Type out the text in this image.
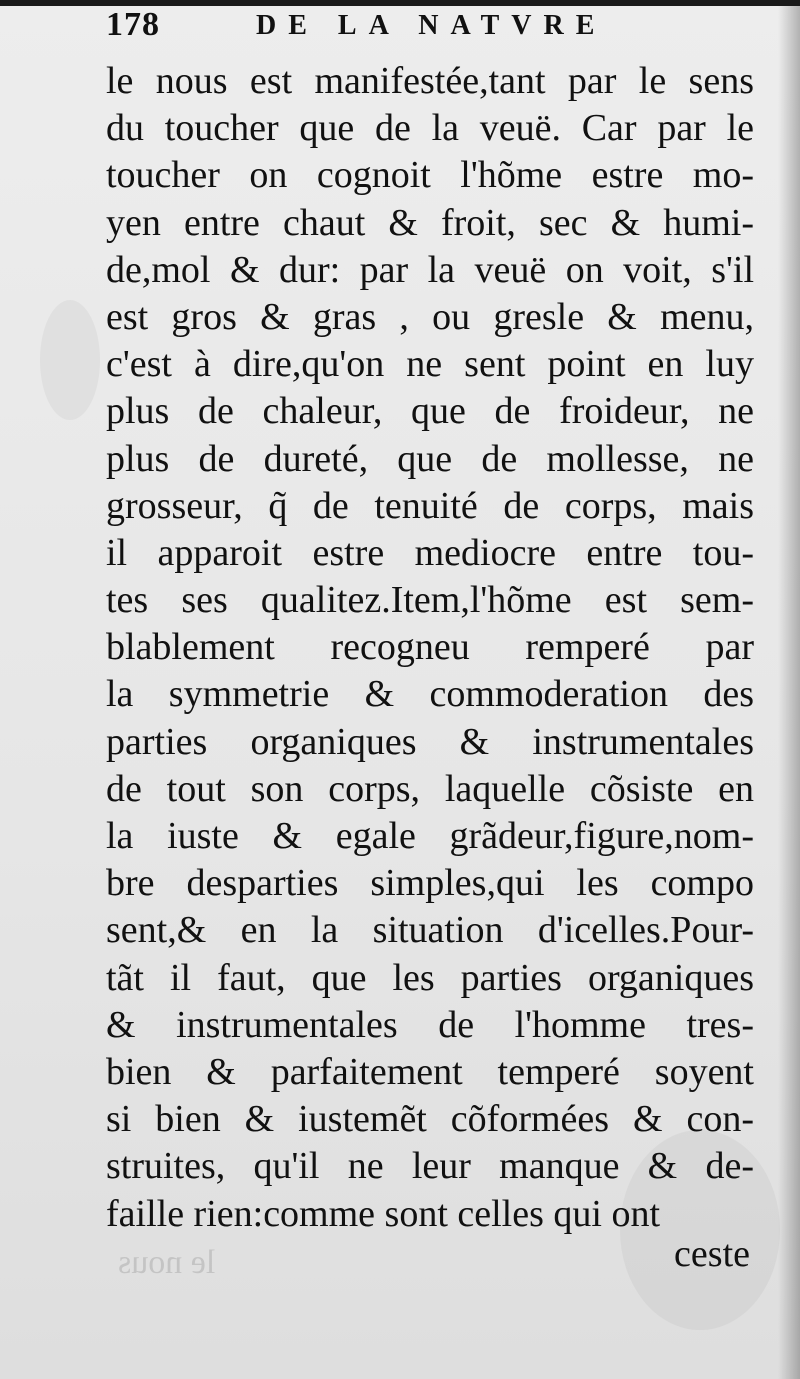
178	DE LA NATVRE
le nous est manifestée,tant par le sens
du toucher que de la veuë. Car par le
toucher on cognoit l'hõme estre mo-
yen entre chaut & froit, sec & humi-
de,mol & dur: par la veuë on voit, s'il
est gros & gras , ou gresle & menu,
c'est à dire,qu'on ne sent point en luy
plus de chaleur, que de froideur, ne
plus de dureté, que de mollesse, ne
grosseur, q̃ de tenuité de corps, mais
il apparoit estre mediocre entre tou-
tes ses qualitez.Item,l'hõme est sem-
blablement recogneu remperé par
la symmetrie & commoderation des
parties organiques & instrumentales
de tout son corps, laquelle cõsiste en
la iuste & egale grãdeur,figure,nom-
bre desparties simples,qui les compo
sent,& en la situation d'icelles.Pour-
tãt il faut, que les parties organiques
& instrumentales de l'homme tres-
bien & parfaitement temperé soyent
si bien & iustemẽt cõformées & con-
struites, qu'il ne leur manque & de-
faille rien:comme sont celles qui ont
le nous	ceste
